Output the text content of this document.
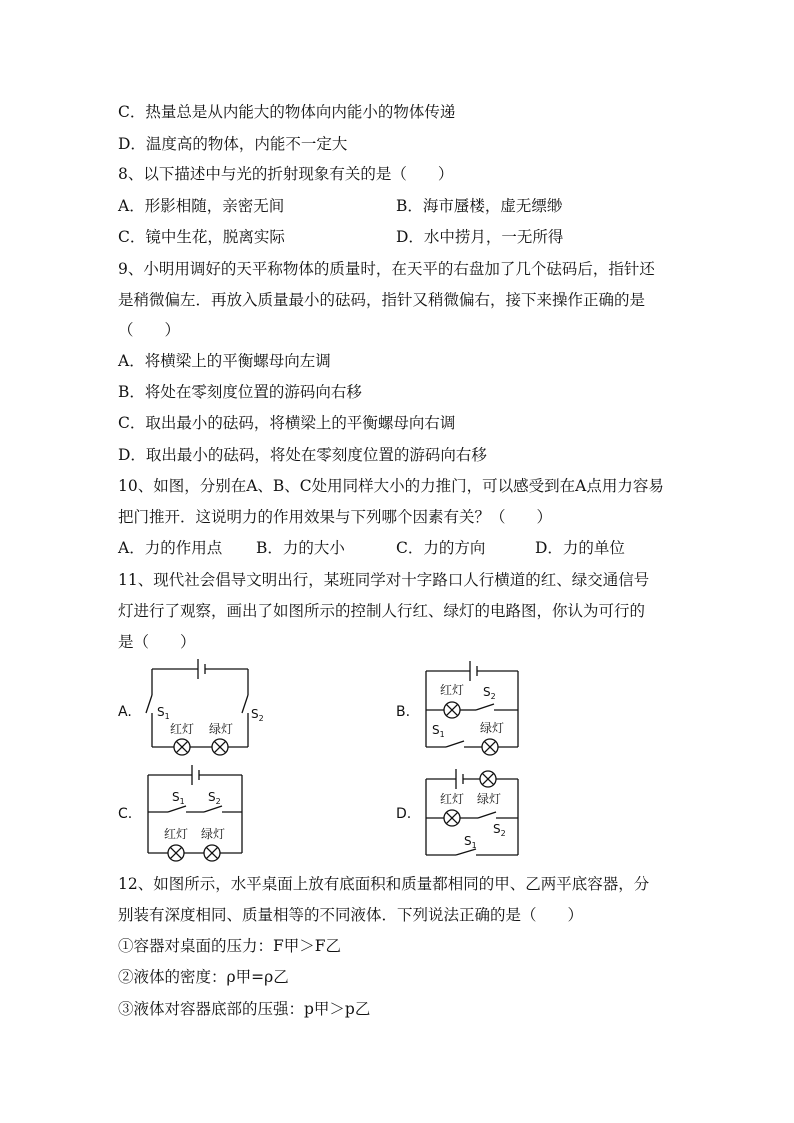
C．热量总是从内能大的物体向内能小的物体传递
D．温度高的物体，内能不一定大
8、以下描述中与光的折射现象有关的是（　　）
A．形影相随，亲密无间	B．海市蜃楼，虚无缥缈
C．镜中生花，脱离实际	D．水中捞月，一无所得
9、小明用调好的天平称物体的质量时，在天平的右盘加了几个砝码后，指针还
是稍微偏左．再放入质量最小的砝码，指针又稍微偏右，接下来操作正确的是
（　　）
A．将横梁上的平衡螺母向左调
B．将处在零刻度位置的游码向右移
C．取出最小的砝码，将横梁上的平衡螺母向右调
D．取出最小的砝码，将处在零刻度位置的游码向右移
10、如图，分别在A、B、C处用同样大小的力推门，可以感受到在A点用力容易
把门推开．这说明力的作用效果与下列哪个因素有关？（　　）
A．力的作用点 B．力的大小	C．力的方向	D．力的单位
11、现代社会倡导文明出行，某班同学对十字路口人行横道的红、绿交通信号
灯进行了观察，画出了如图所示的控制人行红、绿灯的电路图，你认为可行的
是（　　）
A.	B.
C.	D.
$S_1$	$S_2$
红灯 绿灯
红灯 $S_2$
$S_1$	绿灯
$S_1$ $S_2$
红灯 绿灯
红灯 绿灯
$S_2$
$S_1$
12、如图所示，水平桌面上放有底面积和质量都相同的甲、乙两平底容器，分
别装有深度相同、质量相等的不同液体．下列说法正确的是（　　）
①容器对桌面的压力：F甲＞F乙
②液体的密度：ρ甲=ρ乙
③液体对容器底部的压强：p甲＞p乙
